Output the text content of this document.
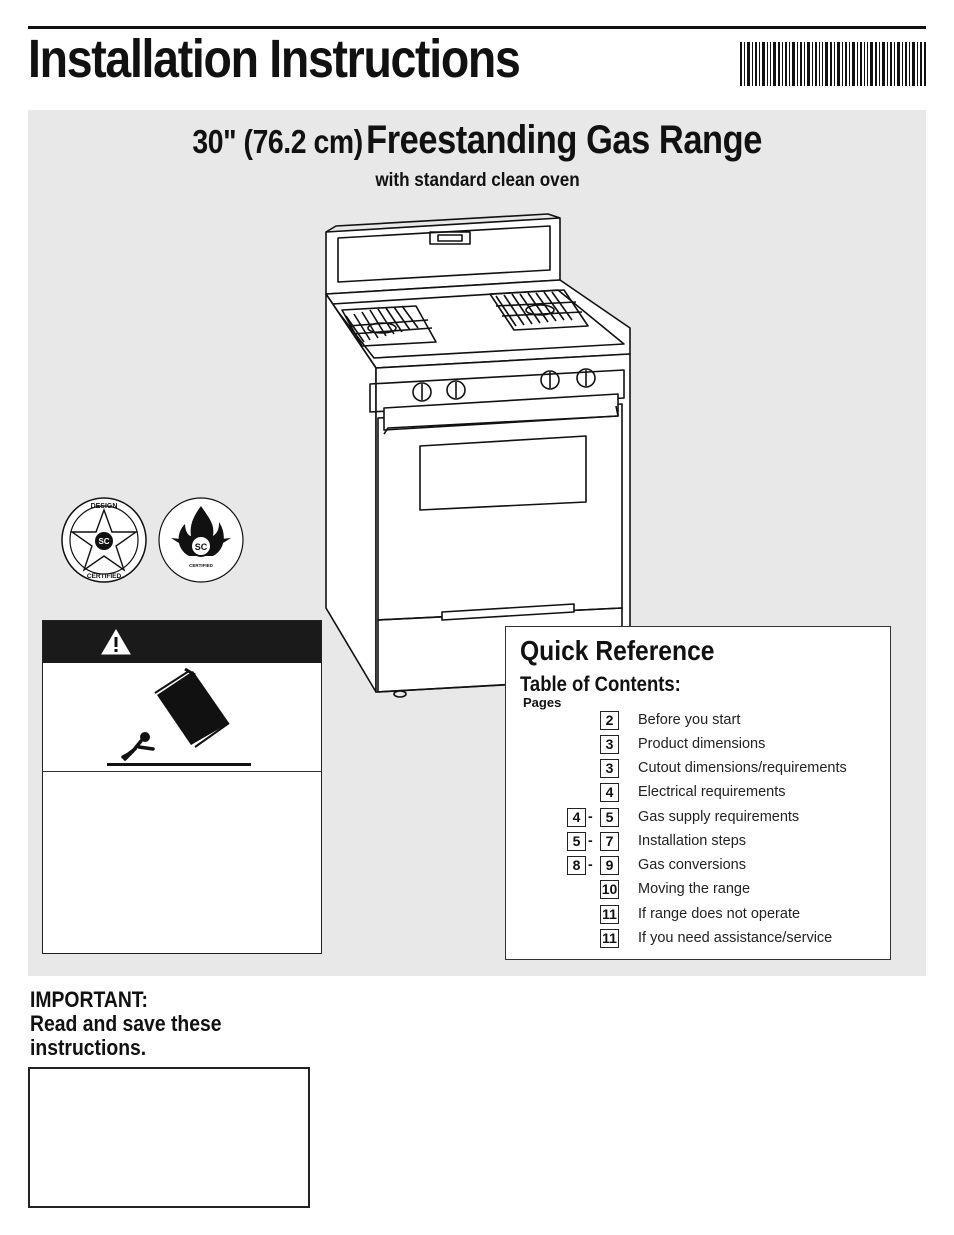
Installation Instructions
30" (76.2 cm) Freestanding Gas Range
with standard clean oven
SC
DESIGN
CERTIFIED
SC
CERTIFIED
Quick Reference
Table of Contents:
Pages
2	Before you start
3	Product dimensions
3	Cutout dimensions/requirements
4	Electrical requirements
4 - 5	Gas supply requirements
5 - 7	Installation steps
8 - 9	Gas conversions
10 Moving the range
11 If range does not operate
11 If you need assistance/service
IMPORTANT:
Read and save these
instructions.
